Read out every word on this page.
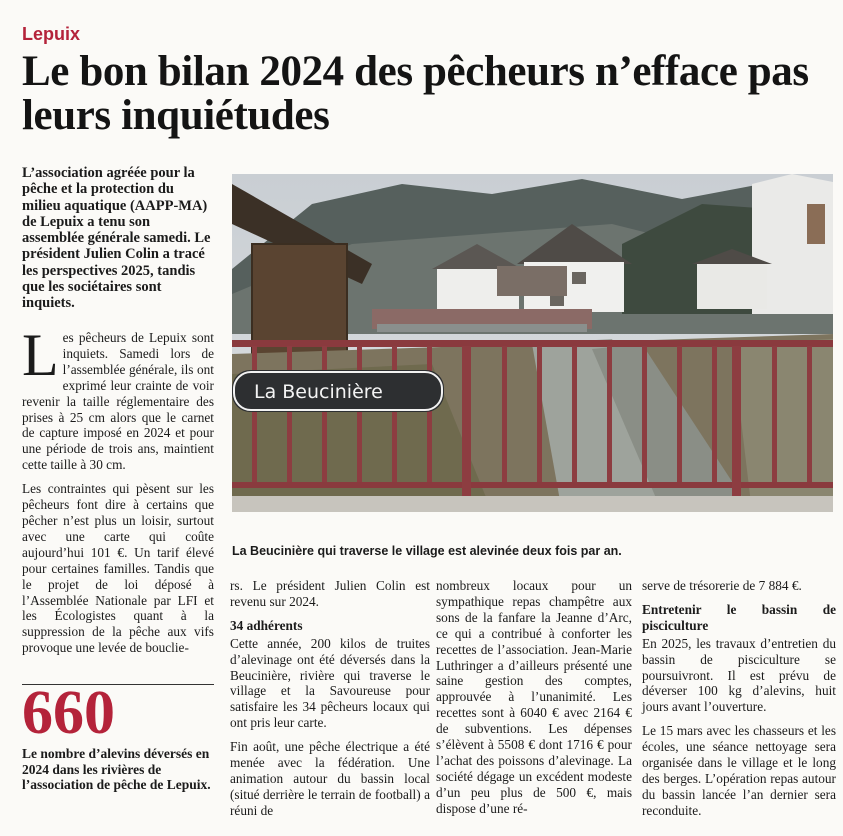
Lepuix
Le bon bilan 2024 des pêcheurs n’efface pas leurs inquiétudes

L’association agréée pour la pêche et la protection du milieu aquatique (AAPP-MA) de Lepuix a tenu son assemblée générale samedi. Le président Julien Colin a tracé les perspectives 2025, tandis que les sociétaires sont inquiets.

Les pêcheurs de Lepuix sont inquiets. Samedi lors de l’assemblée générale, ils ont exprimé leur crainte de voir revenir la taille réglementaire des prises à 25 cm alors que le carnet de capture imposé en 2024 et pour une période de trois ans, maintient cette taille à 30 cm.

Les contraintes qui pèsent sur les pêcheurs font dire à certains que pêcher n’est plus un loisir, surtout avec une carte qui coûte aujourd’hui 101 €. Un tarif élevé pour certaines familles. Tandis que le projet de loi déposé à l’Assemblée Nationale par LFI et les Écologistes quant à la suppression de la pêche aux vifs provoque une levée de bouclie-

660
Le nombre d’alevins déversés en 2024 dans les rivières de l’association de pêche de Lepuix.
La Beucinière
La Beucinière qui traverse le village est alevinée deux fois par an.

rs. Le président Julien Colin est revenu sur 2024.

34 adhérents

Cette année, 200 kilos de truites d’alevinage ont été déversés dans la Beucinière, rivière qui traverse le village et la Savoureuse pour satisfaire les 34 pêcheurs locaux qui ont pris leur carte.

Fin août, une pêche électrique a été menée avec la fédération. Une animation autour du bassin local (situé derrière le terrain de football) a réuni de

nombreux locaux pour un sympathique repas champêtre aux sons de la fanfare la Jeanne d’Arc, ce qui a contribué à conforter les recettes de l’association. Jean-Marie Luthringer a d’ailleurs présenté une saine gestion des comptes, approuvée à l’unanimité. Les recettes sont à 6040 € avec 2164 € de subventions. Les dépenses s’élèvent à 5508 € dont 1716 € pour l’achat des poissons d’alevinage. La société dégage un excédent modeste d’un peu plus de 500 €, mais dispose d’une ré-

serve de trésorerie de 7 884 €.

Entretenir le bassin de pisciculture

En 2025, les travaux d’entretien du bassin de pisciculture se poursuivront. Il est prévu de déverser 100 kg d’alevins, huit jours avant l’ouverture.

Le 15 mars avec les chasseurs et les écoles, une séance nettoyage sera organisée dans le village et le long des berges. L’opération repas autour du bassin lancée l’an dernier sera reconduite.
